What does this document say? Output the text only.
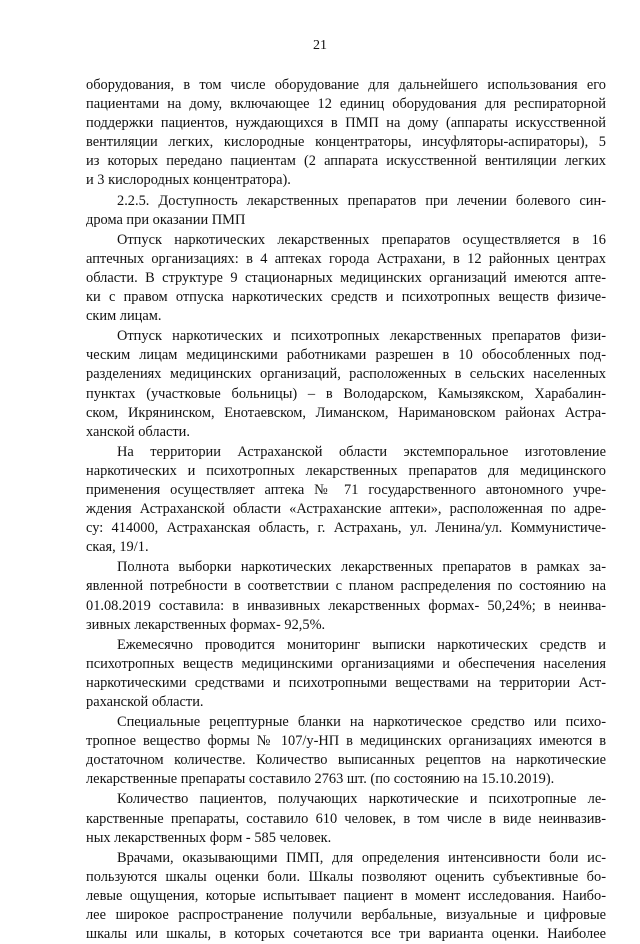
21
оборудования, в том числе оборудование для дальнейшего использования его
пациентами на дому, включающее 12 единиц оборудования для респираторной
поддержки пациентов, нуждающихся в ПМП на дому (аппараты искусственной
вентиляции легких, кислородные концентраторы, инсуфляторы-аспираторы), 5
из которых передано пациентам (2 аппарата искусственной вентиляции легких
и 3 кислородных концентратора).
2.2.5. Доступность лекарственных препаратов при лечении болевого син-
дрома при оказании ПМП
Отпуск наркотических лекарственных препаратов осуществляется в 16
аптечных организациях: в 4 аптеках города Астрахани, в 12 районных центрах
области. В структуре 9 стационарных медицинских организаций имеются апте-
ки с правом отпуска наркотических средств и психотропных веществ физиче-
ским лицам.
Отпуск наркотических и психотропных лекарственных препаратов физи-
ческим лицам медицинскими работниками разрешен в 10 обособленных под-
разделениях медицинских организаций, расположенных в сельских населенных
пунктах (участковые больницы) – в Володарском, Камызякском, Харабалин-
ском, Икрянинском, Енотаевском, Лиманском, Наримановском районах Астра-
ханской области.
На территории Астраханской области экстемпоральное изготовление
наркотических и психотропных лекарственных препаратов для медицинского
применения осуществляет аптека № 71 государственного автономного учре-
ждения Астраханской области «Астраханские аптеки», расположенная по адре-
су: 414000, Астраханская область, г. Астрахань, ул. Ленина/ул. Коммунистиче-
ская, 19/1.
Полнота выборки наркотических лекарственных препаратов в рамках за-
явленной потребности в соответствии с планом распределения по состоянию на
01.08.2019 составила: в инвазивных лекарственных формах- 50,24%; в неинва-
зивных лекарственных формах- 92,5%.
Ежемесячно проводится мониторинг выписки наркотических средств и
психотропных веществ медицинскими организациями и обеспечения населения
наркотическими средствами и психотропными веществами на территории Аст-
раханской области.
Специальные рецептурные бланки на наркотическое средство или психо-
тропное вещество формы № 107/у-НП в медицинских организациях имеются в
достаточном количестве. Количество выписанных рецептов на наркотические
лекарственные препараты составило 2763 шт. (по состоянию на 15.10.2019).
Количество пациентов, получающих наркотические и психотропные ле-
карственные препараты, составило 610 человек, в том числе в виде неинвазив-
ных лекарственных форм - 585 человек.
Врачами, оказывающими ПМП, для определения интенсивности боли ис-
пользуются шкалы оценки боли. Шкалы позволяют оценить субъективные бо-
левые ощущения, которые испытывает пациент в момент исследования. Наибо-
лее широкое распространение получили вербальные, визуальные и цифровые
шкалы или шкалы, в которых сочетаются все три варианта оценки. Наиболее
